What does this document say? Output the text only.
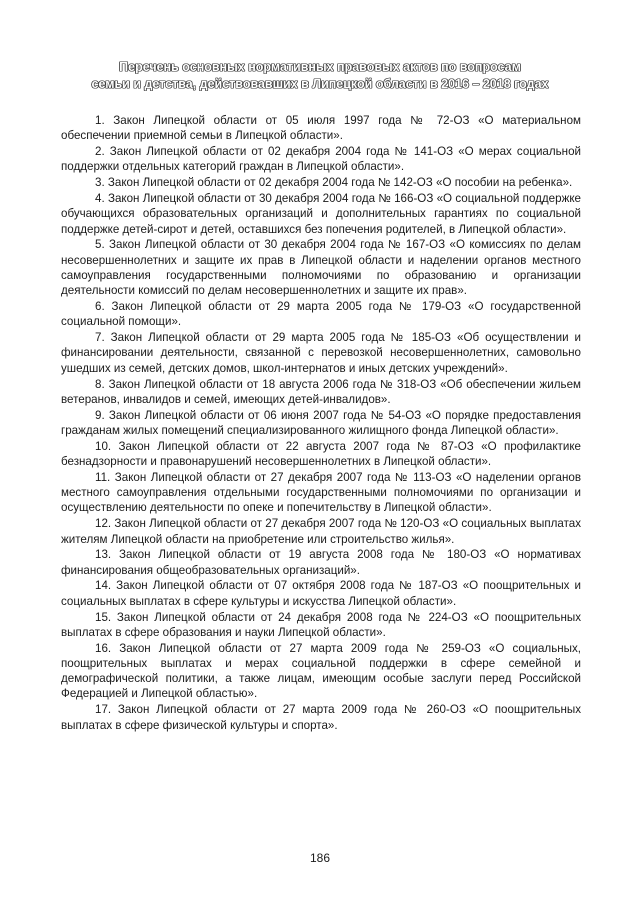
Перечень основных нормативных правовых актов по вопросам
семьи и детства, действовавших в Липецкой области в 2016 – 2018 годах
1. Закон Липецкой области от 05 июля 1997 года № 72-ОЗ «О материальном обеспечении приемной семьи в Липецкой области».
2. Закон Липецкой области от 02 декабря 2004 года № 141-ОЗ «О мерах социальной поддержки отдельных категорий граждан в Липецкой области».
3. Закон Липецкой области от 02 декабря 2004 года № 142-ОЗ «О пособии на ребенка».
4. Закон Липецкой области от 30 декабря 2004 года № 166-ОЗ «О социальной поддержке обучающихся образовательных организаций и дополнительных гарантиях по социальной поддержке детей-сирот и детей, оставшихся без попечения родителей, в Липецкой области».
5. Закон Липецкой области от 30 декабря 2004 года № 167-ОЗ «О комиссиях по делам несовершеннолетних и защите их прав в Липецкой области и наделении органов местного самоуправления государственными полномочиями по образованию и организации деятельности комиссий по делам несовершеннолетних и защите их прав».
6. Закон Липецкой области от 29 марта 2005 года № 179-ОЗ «О государственной социальной помощи».
7. Закон Липецкой области от 29 марта 2005 года № 185-ОЗ «Об осуществлении и финансировании деятельности, связанной с перевозкой несовершеннолетних, самовольно ушедших из семей, детских домов, школ-интернатов и иных детских учреждений».
8. Закон Липецкой области от 18 августа 2006 года № 318-ОЗ «Об обеспечении жильем ветеранов, инвалидов и семей, имеющих детей-инвалидов».
9. Закон Липецкой области от 06 июня 2007 года № 54-ОЗ «О порядке предоставления гражданам жилых помещений специализированного жилищного фонда Липецкой области».
10. Закон Липецкой области от 22 августа 2007 года № 87-ОЗ «О профилактике безнадзорности и правонарушений несовершеннолетних в Липецкой области».
11. Закон Липецкой области от 27 декабря 2007 года № 113-ОЗ «О наделении органов местного самоуправления отдельными государственными полномочиями по организации и осуществлению деятельности по опеке и попечительству в Липецкой области».
12. Закон Липецкой области от 27 декабря 2007 года № 120-ОЗ «О социальных выплатах жителям Липецкой области на приобретение или строительство жилья».
13. Закон Липецкой области от 19 августа 2008 года № 180-ОЗ «О нормативах финансирования общеобразовательных организаций».
14. Закон Липецкой области от 07 октября 2008 года № 187-ОЗ «О поощрительных и социальных выплатах в сфере культуры и искусства Липецкой области».
15. Закон Липецкой области от 24 декабря 2008 года № 224-ОЗ «О поощрительных выплатах в сфере образования и науки Липецкой области».
16. Закон Липецкой области от 27 марта 2009 года № 259-ОЗ «О социальных, поощрительных выплатах и мерах социальной поддержки в сфере семейной и демографической политики, а также лицам, имеющим особые заслуги перед Российской Федерацией и Липецкой областью».
17. Закон Липецкой области от 27 марта 2009 года № 260-ОЗ «О поощрительных выплатах в сфере физической культуры и спорта».
186
